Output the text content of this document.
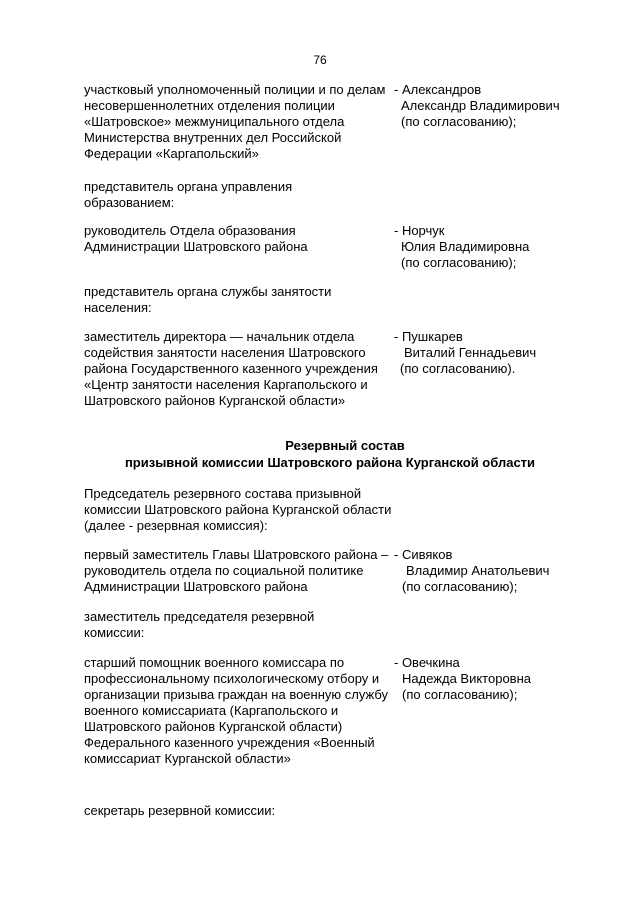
76
участковый уполномоченный полиции и по делам несовершеннолетних отделения полиции «Шатровское» межмуниципального отдела Министерства внутренних дел Российской Федерации «Каргапольский»
- Александров
Александр Владимирович
(по согласованию);
представитель органа управления образованием:
руководитель Отдела образования Администрации Шатровского района
- Норчук
Юлия Владимировна
(по согласованию);
представитель органа службы занятости населения:
заместитель директора — начальник отдела содействия занятости населения Шатровского района Государственного казенного учреждения «Центр занятости населения Каргапольского и Шатровского районов Курганской области»
- Пушкарев
Виталий Геннадьевич
(по согласованию).
Резервный состав
призывной комиссии Шатровского района Курганской области
Председатель резервного состава призывной комиссии Шатровского района Курганской области (далее - резервная комиссия):
первый заместитель Главы Шатровского района – руководитель отдела по социальной политике Администрации Шатровского района
- Сивяков
Владимир Анатольевич
(по согласованию);
заместитель председателя резервной комиссии:
старший помощник военного комиссара по профессиональному психологическому отбору и организации призыва граждан на военную службу военного комиссариата (Каргапольского и Шатровского районов Курганской области) Федерального казенного учреждения «Военный комиссариат Курганской области»
- Овечкина
Надежда Викторовна
(по согласованию);
секретарь резервной комиссии:
